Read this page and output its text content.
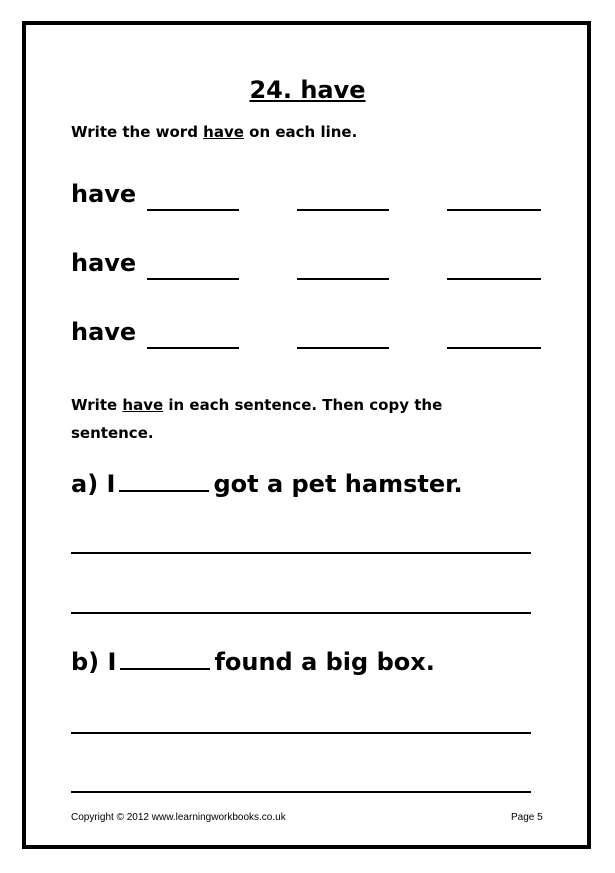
24. have
Write the word have on each line.
have
have
have
Write have in each sentence. Then copy the
sentence.
a) I	got a pet hamster.
b) I	found a big box.
Copyright © 2012 www.learningworkbooks.co.uk	Page 5
